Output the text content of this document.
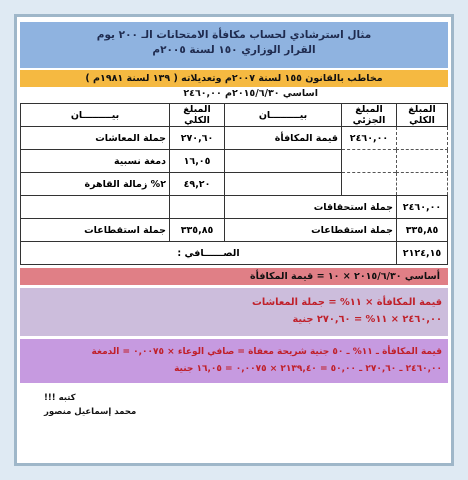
مثال استرشادي لحساب مكافأة الامتحانات الـ ٢٠٠ يوم
القرار الوزاري ١٥٠ لسنة ٢٠٠٥م
مخاطب بالقانون ١٥٥ لسنة ٢٠٠٧م وتعديلاته ( ١٣٩ لسنة ١٩٨١م )
اساسي ٢٠١٥/٦/٣٠م ٢٤٦٠,٠٠
المبلغ الكلي	المبلغ الجزئي	بيـــــــــان	المبلغ الكلي	بيـــــــــان
	٢٤٦٠,٠٠	قيمة المكافأة	٢٧٠,٦٠	جملة المعاشات
			١٦,٠٥	دمغة نسبية
			٤٩,٢٠	٢% زمالة القاهرة
٢٤٦٠,٠٠	جملة استحقاقات			
٣٣٥,٨٥	جملة استقطاعات		٣٣٥,٨٥	جملة استقطاعات
٢١٢٤,١٥	الصــــــافي :			
أساسي ٢٠١٥/٦/٣٠ × ١٠ = قيمة المكافأة
قيمة المكافأة × ١١% = جملة المعاشات
٢٤٦٠,٠٠ × ١١% = ٢٧٠,٦٠ جنية
قيمة المكافأة ـ ١١% ـ ٥٠ جنية شريحة معفاة = صافي الوعاء × ٠,٠٠٧٥ = الدمغة
٢٤٦٠,٠٠ ـ ٢٧٠,٦٠ ـ ٥٠,٠٠ = ٢١٣٩,٤٠ × ٠,٠٠٧٥ = ١٦,٠٥ جنية
كتبه !!!
محمد إسماعيل منصور
